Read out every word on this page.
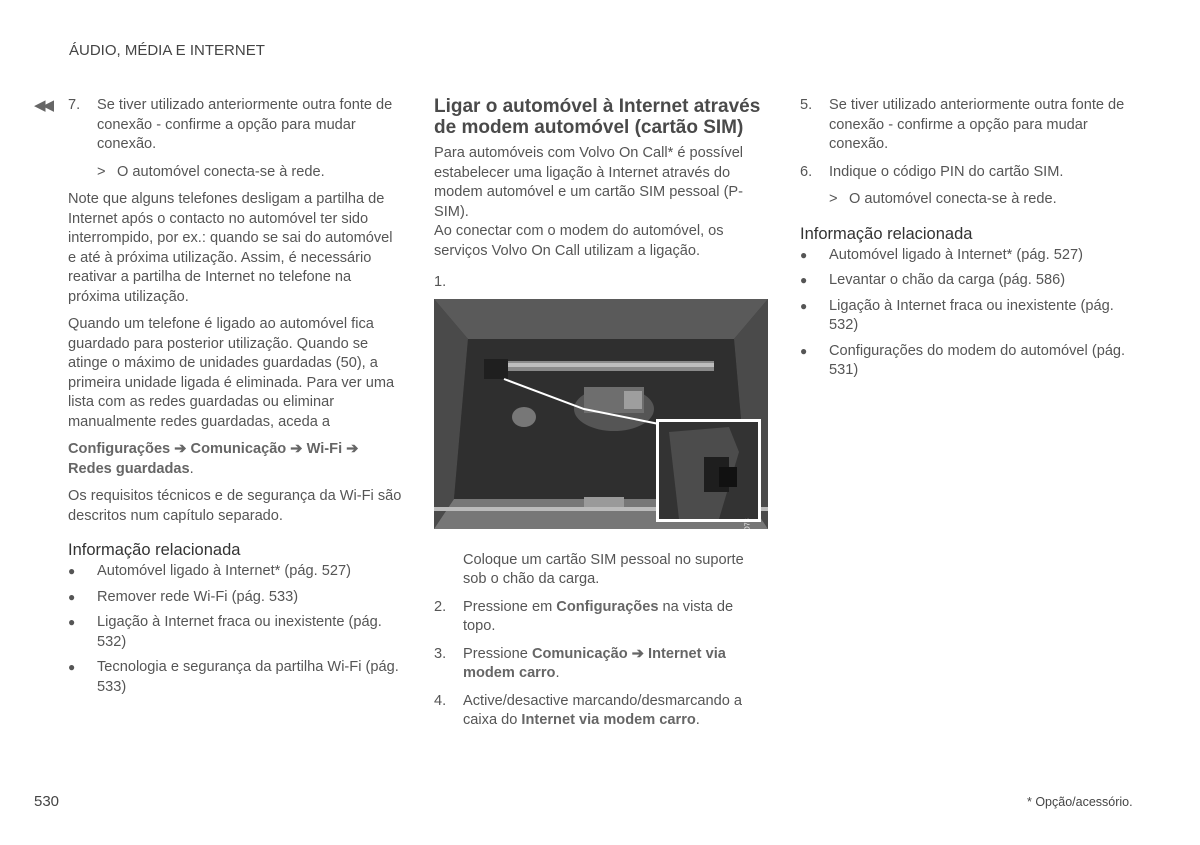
ÁUDIO, MÉDIA E INTERNET
◀◀ 7.	Se tiver utilizado anteriormente outra fonte de conexão - confirme a opção para mudar conexão.
> O automóvel conecta-se à rede.

Note que alguns telefones desligam a partilha de Internet após o contacto no automóvel ter sido interrompido, por ex.: quando se sai do automóvel e até à próxima utilização. Assim, é necessário reativar a partilha de Internet no telefone na próxima utilização.

Quando um telefone é ligado ao automóvel fica guardado para posterior utilização. Quando se atinge o máximo de unidades guardadas (50), a primeira unidade ligada é eliminada. Para ver uma lista com as redes guardadas ou eliminar manualmente redes guardadas, aceda a

Configurações ➔ Comunicação ➔ Wi-Fi ➔ Redes guardadas.

Os requisitos técnicos e de segurança da Wi-Fi são descritos num capítulo separado.

Informação relacionada
●	Automóvel ligado à Internet* (pág. 527)
●	Remover rede Wi-Fi (pág. 533)
●	Ligação à Internet fraca ou inexistente (pág. 532)
●	Tecnologia e segurança da partilha Wi-Fi (pág. 533)
Ligar o automóvel à Internet através de modem automóvel (cartão SIM)

Para automóveis com Volvo On Call* é possível estabelecer uma ligação à Internet através do modem automóvel e um cartão SIM pessoal (P-SIM).

Ao conectar com o modem do automóvel, os serviços Volvo On Call utilizam a ligação.

1.
G060078

Coloque um cartão SIM pessoal no suporte sob o chão da carga.

2.	Pressione em Configurações na vista de topo.
3.	Pressione Comunicação ➔ Internet via modem carro.
4.	Active/desactive marcando/desmarcando a caixa do Internet via modem carro.
5.	Se tiver utilizado anteriormente outra fonte de conexão - confirme a opção para mudar conexão.
6.	Indique o código PIN do cartão SIM.
> O automóvel conecta-se à rede.
Informação relacionada
●	Automóvel ligado à Internet* (pág. 527)
●	Levantar o chão da carga (pág. 586)
●	Ligação à Internet fraca ou inexistente (pág. 532)
●	Configurações do modem do automóvel (pág. 531)
530	* Opção/acessório.
